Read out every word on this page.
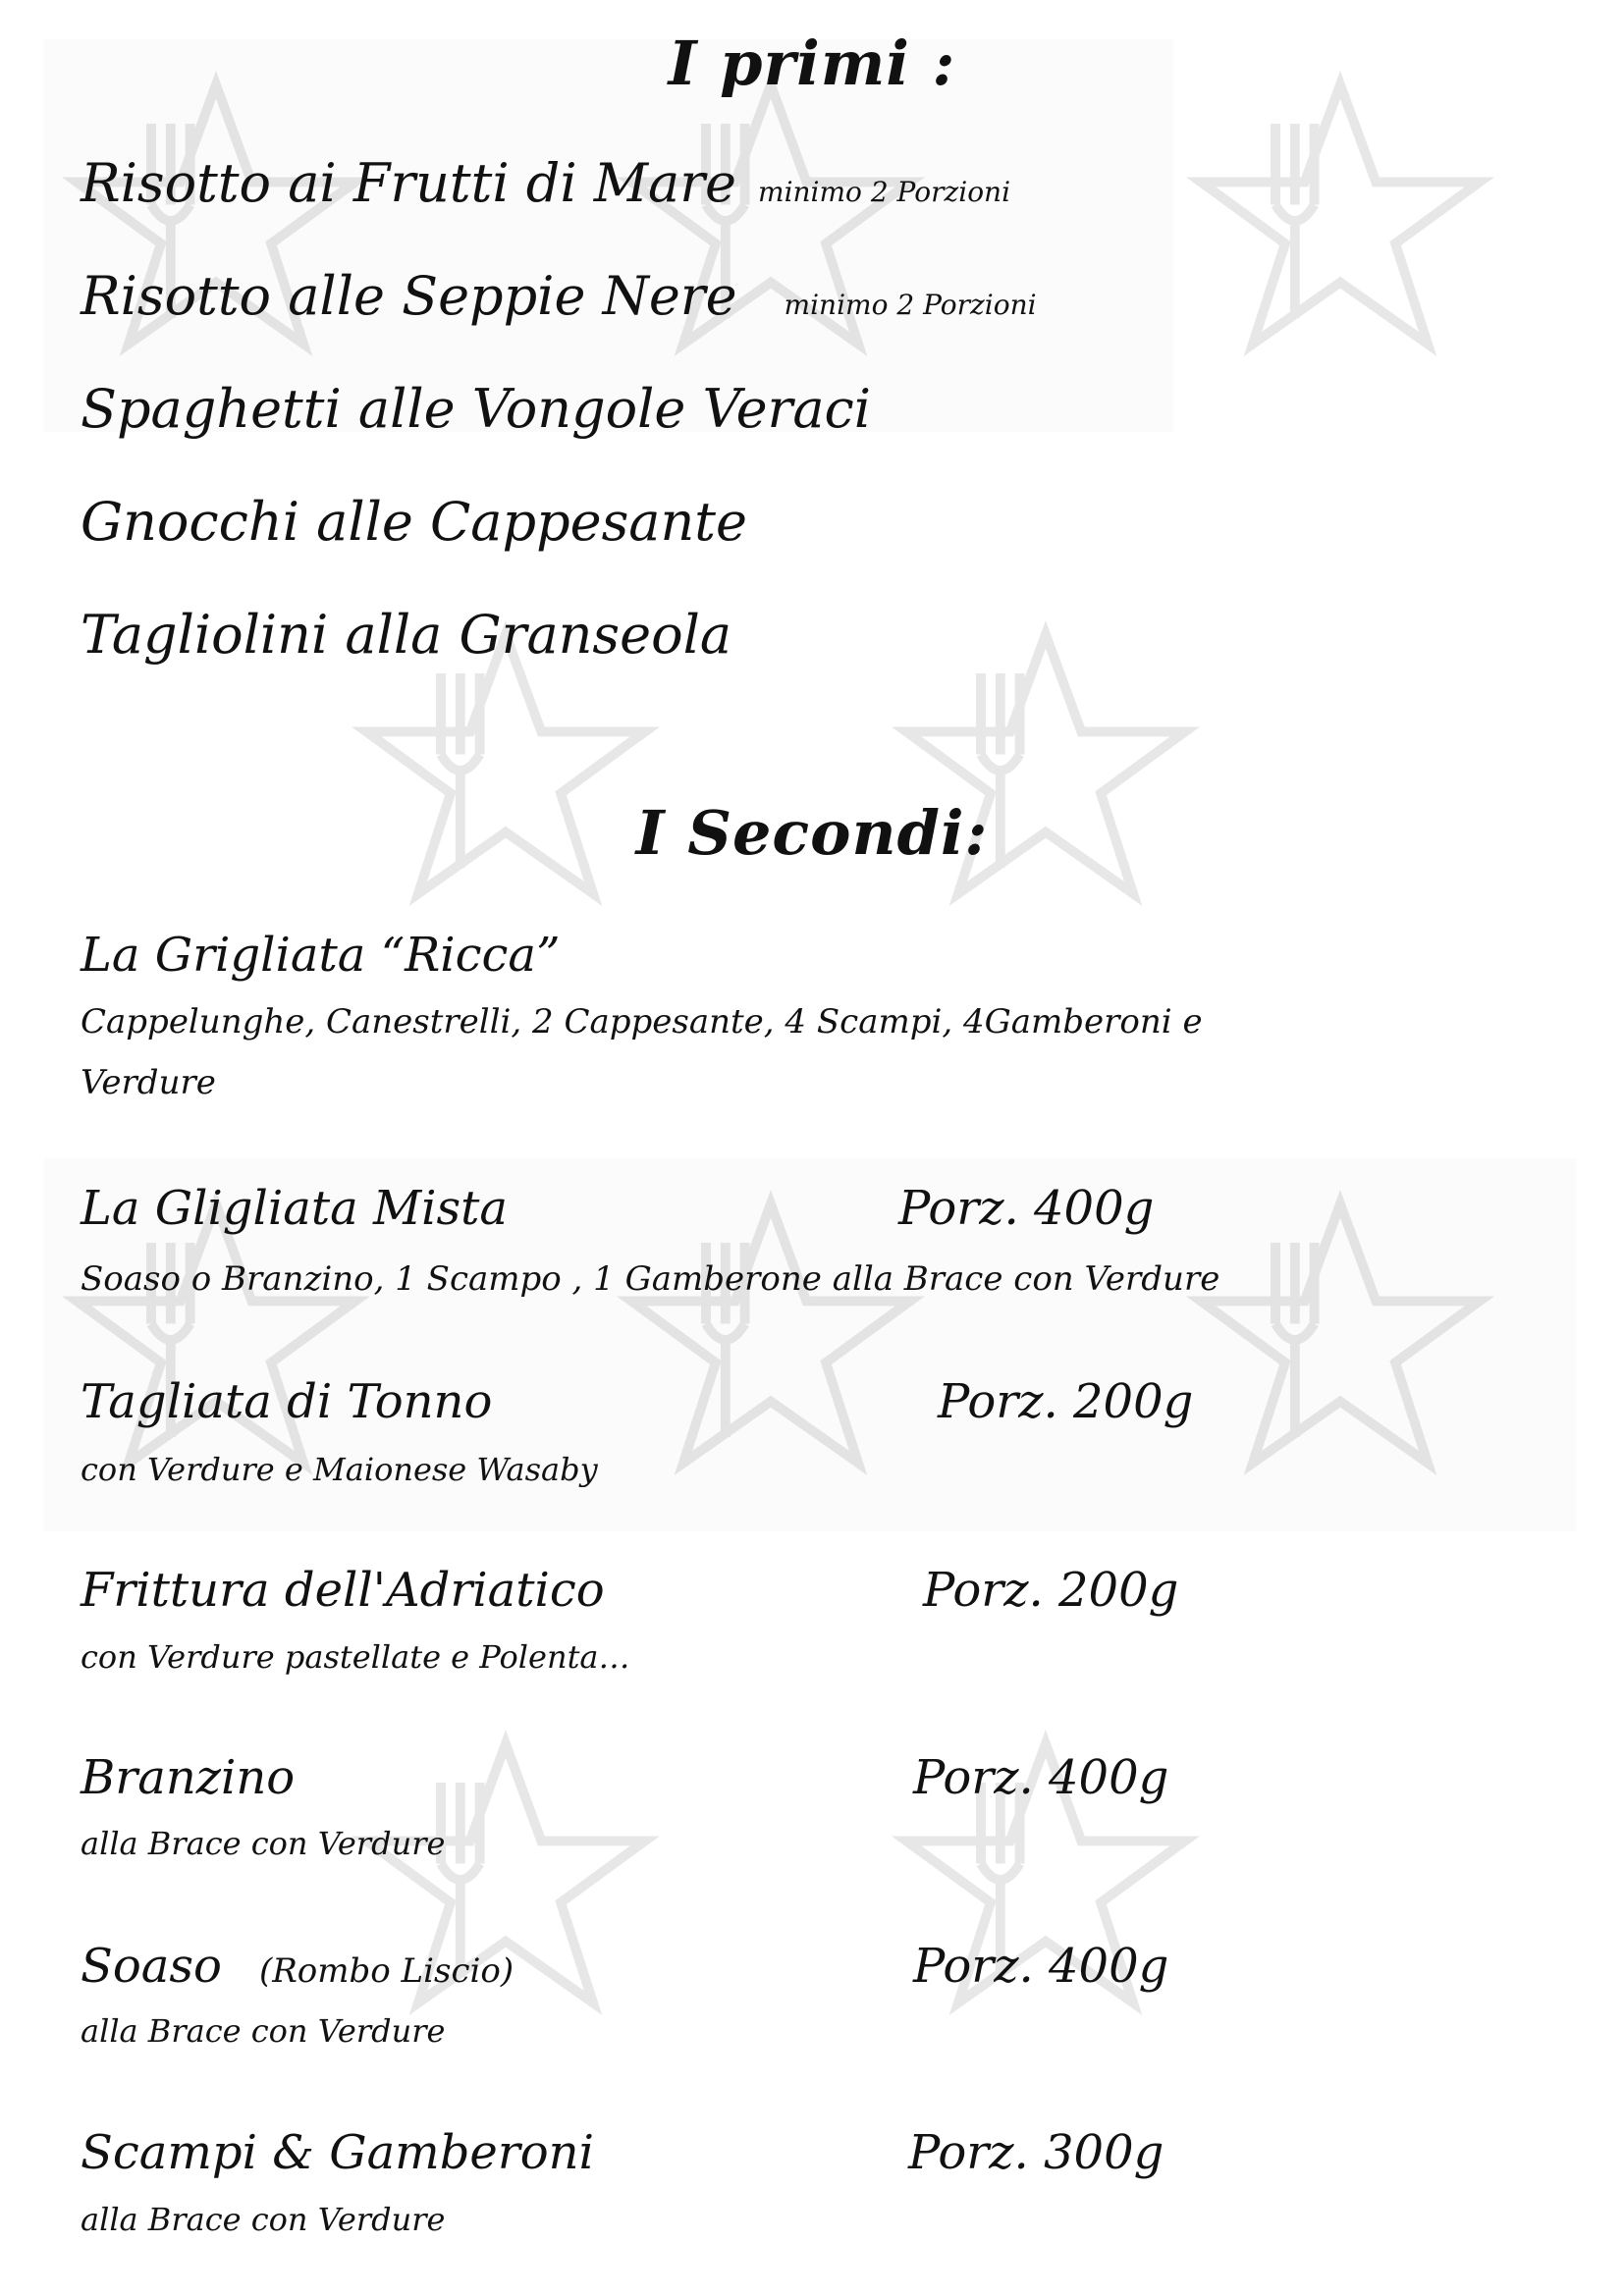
I primi :
Risotto ai Frutti di Mare minimo 2 Porzioni
Risotto alle Seppie Nere minimo 2 Porzioni
Spaghetti alle Vongole Veraci
Gnocchi alle Cappesante
Tagliolini alla Granseola
I Secondi:
La Grigliata “Ricca”
Cappelunghe, Canestrelli, 2 Cappesante, 4 Scampi, 4Gamberoni e
Verdure
La Gligliata Mista	Porz. 400g
Soaso o Branzino, 1 Scampo , 1 Gamberone alla Brace con Verdure
Tagliata di Tonno	Porz. 200g
con Verdure e Maionese Wasaby
Frittura dell'Adriatico	Porz. 200g
con Verdure pastellate e Polenta…
Branzino	Porz. 400g
alla Brace con Verdure
Soaso (Rombo Liscio)	Porz. 400g
alla Brace con Verdure
Scampi & Gamberoni	Porz. 300g
alla Brace con Verdure
